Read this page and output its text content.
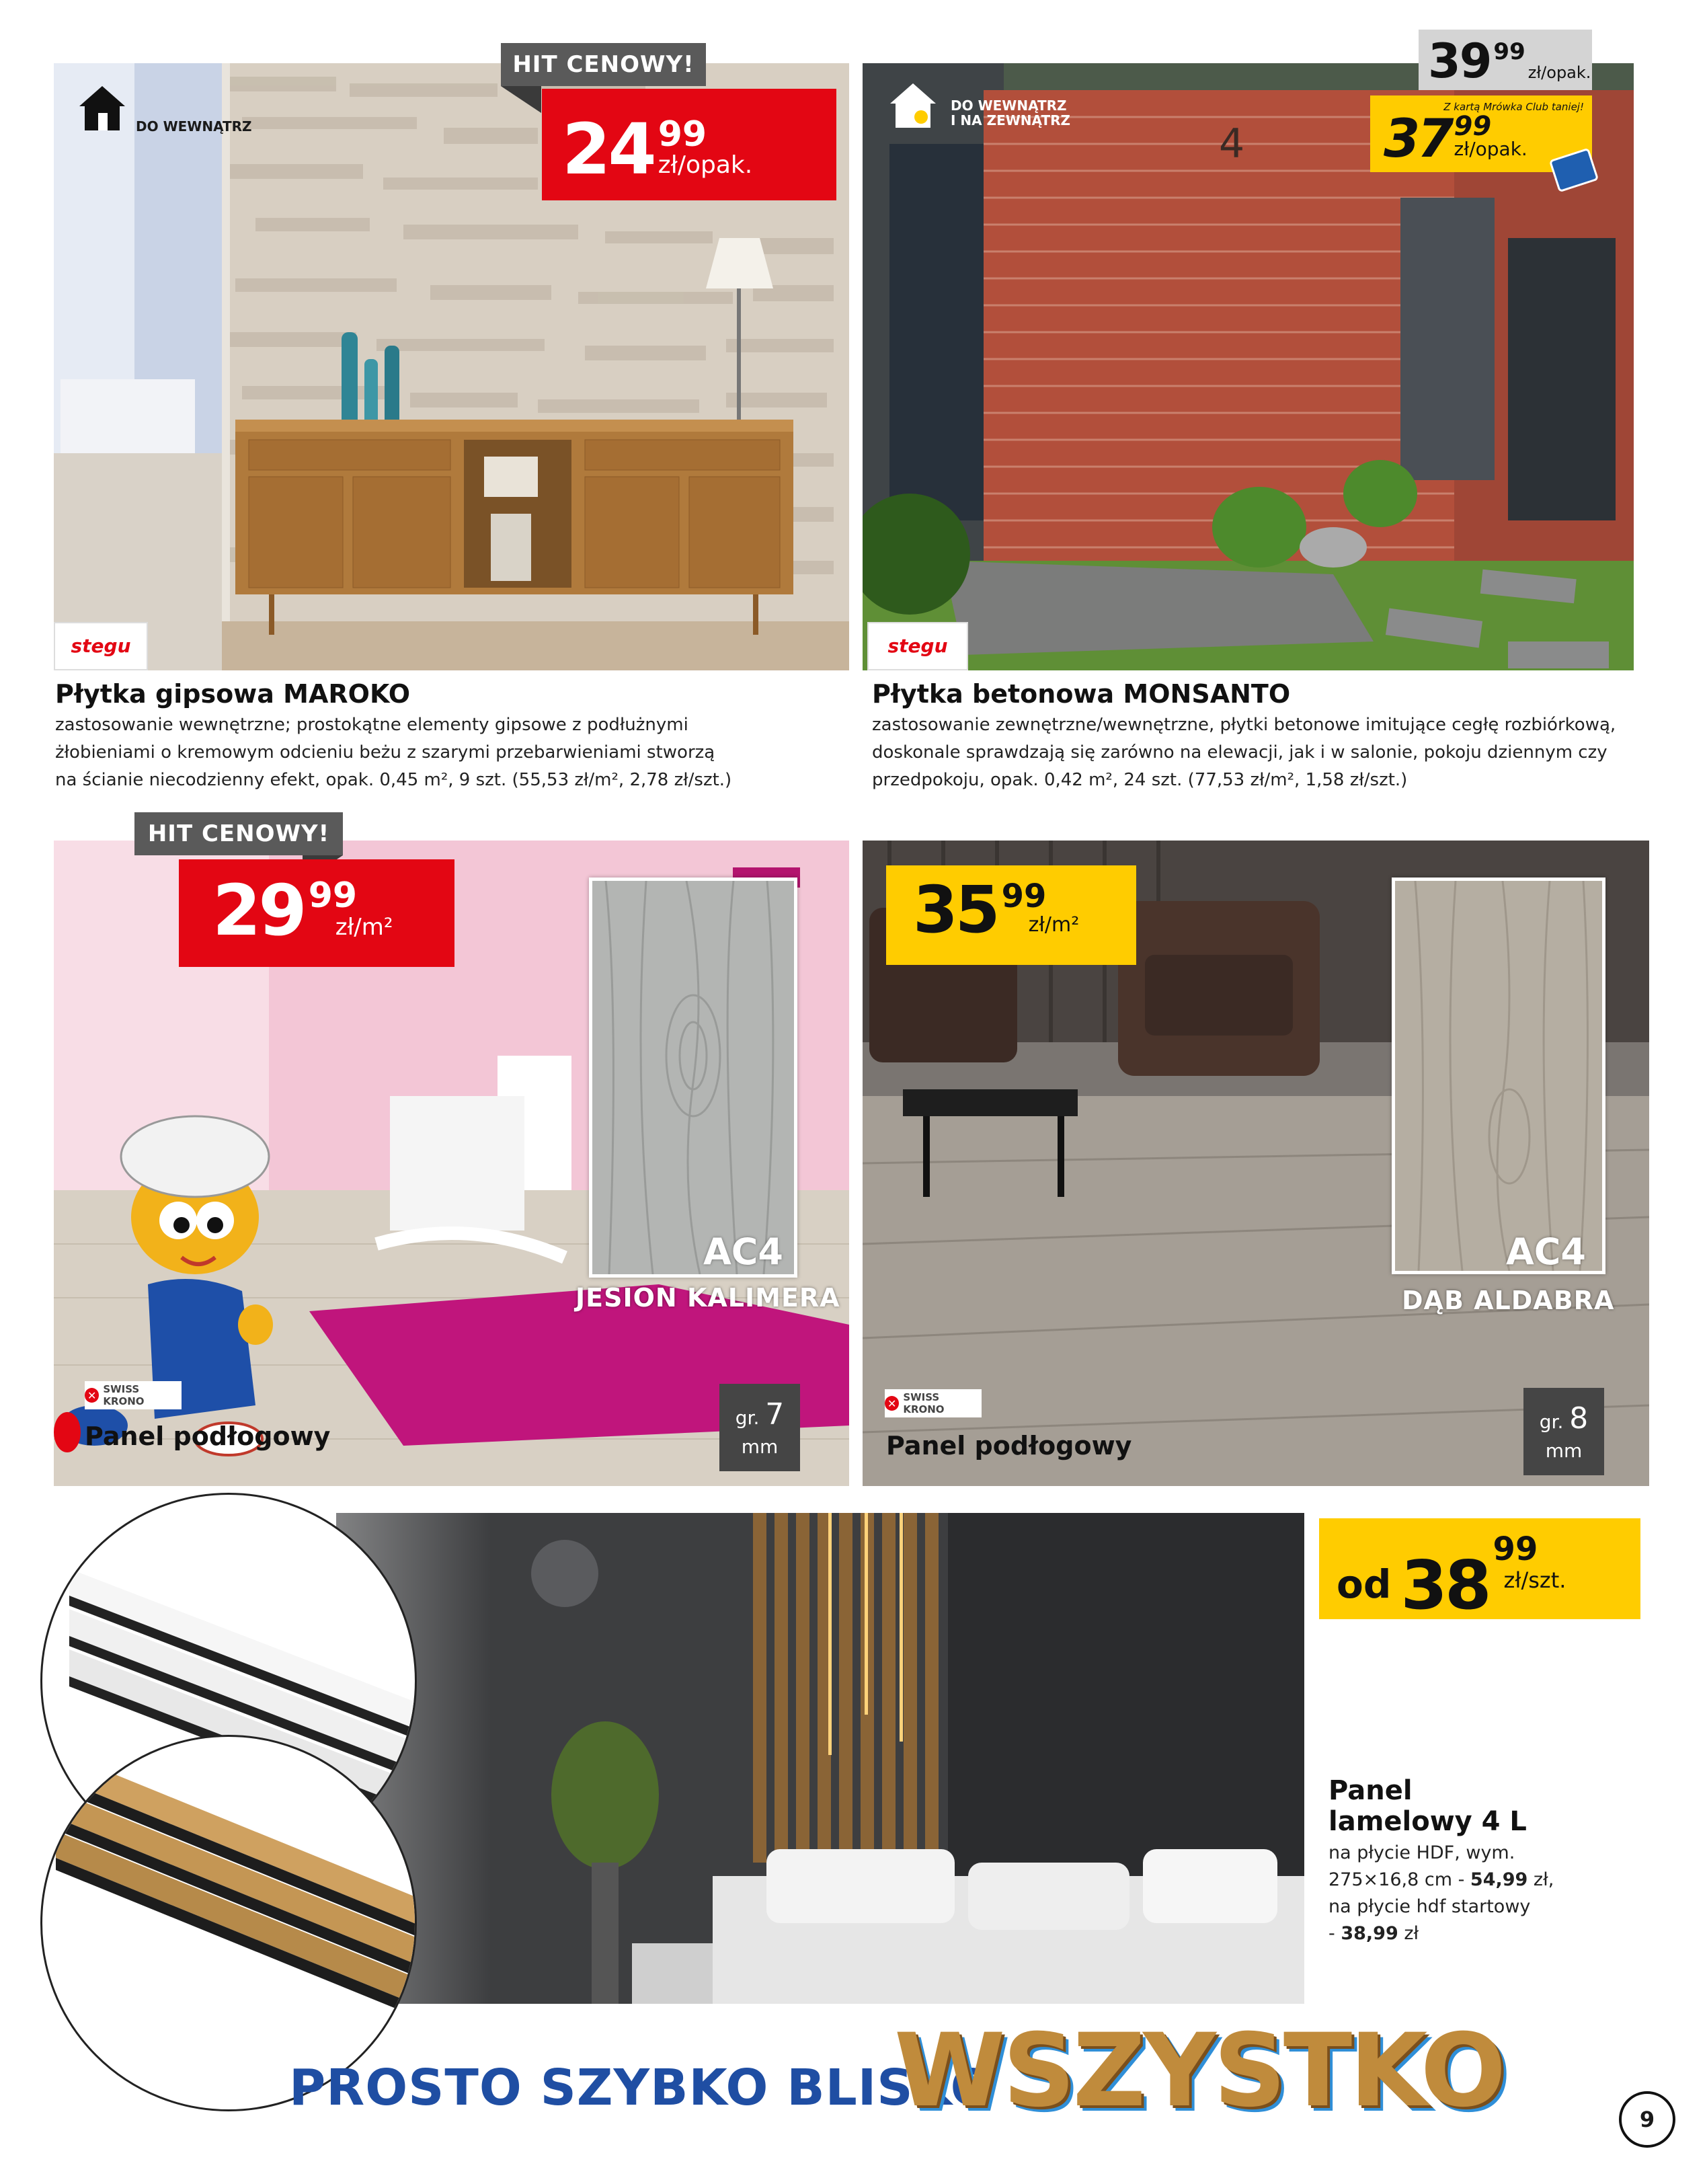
DO WEWNĄTRZ
HIT CENOWY!
24 99
zł/opak.
stegu
Płytka gipsowa MAROKO
zastosowanie wewnętrzne; prostokątne elementy gipsowe z podłużnymi
żłobieniami o kremowym odcieniu beżu z szarymi przebarwieniami stworzą
na ścianie niecodzienny efekt, opak. 0,45 m², 9 szt. (55,53 zł/m², 2,78 zł/szt.)
4
DO WEWNĄTRZ
I NA ZEWNĄTRZ
39 99
zł/opak.
Z kartą Mrówka Club taniej!
37 99
zł/opak.
stegu
Płytka betonowa MONSANTO
zastosowanie zewnętrzne/wewnętrzne, płytki betonowe imitujące cegłę rozbiórkową,
doskonale sprawdzają się zarówno na elewacji, jak i w salonie, pokoju dziennym czy
przedpokoju, opak. 0,42 m², 24 szt. (77,53 zł/m², 1,58 zł/szt.)
AC4
JESION KALIMERA
HIT CENOWY!
29 99
zł/m²
✕ SWISS KRONO
Panel podłogowy
gr. 7
mm
AC4
DĄB ALDABRA
35 99
zł/m²
✕ SWISS KRONO
Panel podłogowy
gr. 8
mm
od 38 99
zł/szt.
Panel
lamelowy 4 L
na płycie HDF, wym.
275×16,8 cm - 54,99 zł,
na płycie hdf startowy
- 38,99 zł
PROSTO SZYBKO BLISKO
WSZYSTKO	9
